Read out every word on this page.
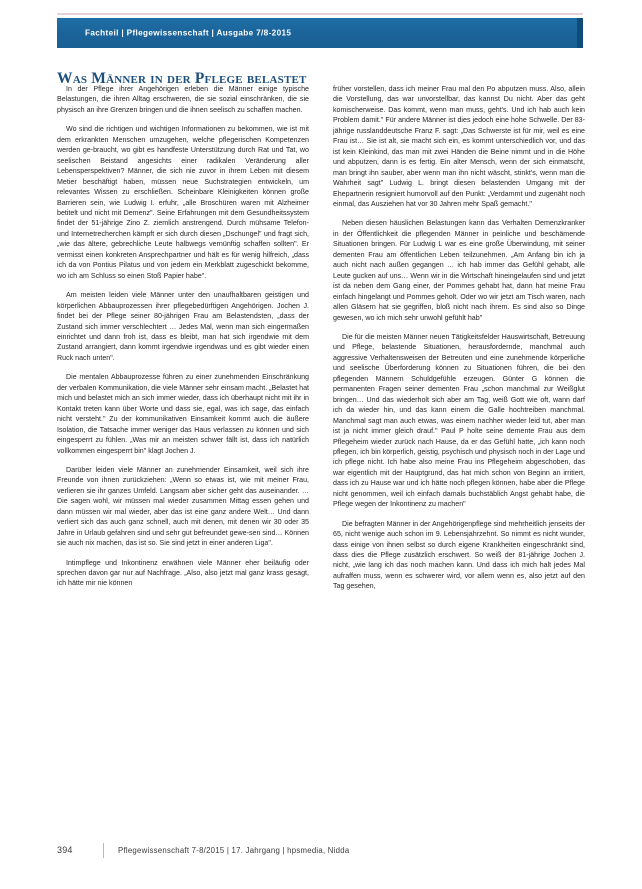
Fachteil | Pflegewissenschaft | Ausgabe 7/8-2015
Was Männer in der Pflege belastet

In der Pflege ihrer Angehörigen erleben die Männer einige typische Belastungen, die ihren Alltag erschweren, die sie sozial einschränken, die sie physisch an ihre Grenzen bringen und die ihnen seelisch zu schaffen machen.

Wo sind die richtigen und wichtigen Informationen zu bekommen, wie ist mit dem erkrankten Menschen umzugehen, welche pflegerischen Kompetenzen werden ge-braucht, wo gibt es handfeste Unterstützung durch Rat und Tat, wo seelischen Beistand angesichts einer radikalen Veränderung aller Lebensperspektiven? Männer, die sich nie zuvor in ihrem Leben mit diesem Metier beschäftigt haben, müssen neue Suchstrategien entwickeln, um relevantes Wissen zu erschließen. Scheinbare Kleinigkeiten können große Barrieren sein, wie Ludwig I. erfuhr, „alle Broschüren waren mit Alzheimer betitelt und nicht mit Demenz". Seine Erfahrungen mit dem Gesundheitssystem findet der 51-jährige Zino Z. ziemlich anstrengend. Durch mühsame Telefon- und Internetrecherchen kämpft er sich durch diesen „Dschungel" und fragt sich, „wie das ältere, gebrechliche Leute halbwegs vernünftig schaffen sollten". Er vermisst einen konkreten Ansprechpartner und hält es für wenig hilfreich, „dass ich da von Pontius Pilatus und von jedem ein Merkblatt zugeschickt bekomme, wo ich am Schluss so einen Stoß Papier habe".

Am meisten leiden viele Männer unter den unaufhaltbaren geistigen und körperlichen Abbauprozessen ihrer pflegebedürftigen Angehörigen. Jochen J. findet bei der Pflege seiner 80-jährigen Frau am Belastendsten, „dass der Zustand sich immer verschlechtert … Jedes Mal, wenn man sich eingermaßen einrichtet und dann froh ist, dass es bleibt, man hat sich irgendwie mit dem Zustand arrangiert, dann kommt irgendwie irgendwas und es gibt wieder einen Ruck nach unten".

Die mentalen Abbauprozesse führen zu einer zunehmenden Einschränkung der verbalen Kommunikation, die viele Männer sehr einsam macht. „Belastet hat mich und belastet mich an sich immer wieder, dass ich überhaupt nicht mit ihr in Kontakt treten kann über Worte und dass sie, egal, was ich sage, das einfach nicht versteht." Zu der kommunikativen Einsamkeit kommt auch die äußere Isolation, die Tatsache immer weniger das Haus verlassen zu können und sich eingesperrt zu fühlen. „Was mir an meisten schwer fällt ist, dass ich natürlich vollkommen eingesperrt bin" klagt Jochen J.

Darüber leiden viele Männer an zunehmender Einsamkeit, weil sich ihre Freunde von ihnen zurückziehen: „Wenn so etwas ist, wie mit meiner Frau, verlieren sie ihr ganzes Umfeld. Langsam aber sicher geht das auseinander. … Die sagen wohl, wir müssen mal wieder zusammen Mittag essen gehen und dann müssen wir mal wieder, aber das ist eine ganz andere Welt… Und dann verliert sich das auch ganz schnell, auch mit denen, mit denen wir 30 oder 35 Jahre in Urlaub gefahren sind und sehr gut befreundet gewe-sen sind… Können sie auch nix machen, das ist so. Sie sind jetzt in einer anderen Liga".

Intimpflege und Inkontinenz erwähnen viele Männer eher beiläufig oder sprechen davon gar nur auf Nachfrage. „Also, also jetzt mal ganz krass gesagt, ich hätte mir nie können

früher vorstellen, dass ich meiner Frau mal den Po abputzen muss. Also, allein die Vorstellung, das war unvorstellbar, das kannst Du nicht. Aber das geht komischerweise. Das kommt, wenn man muss, geht's. Und ich hab auch kein Problem damit." Für andere Männer ist dies jedoch eine hohe Schwelle. Der 83-jährige russlanddeutsche Franz F. sagt: „Das Schwerste ist für mir, weil es eine Frau ist… Sie ist alt, sie macht sich ein, es kommt unterschiedlich vor, und das ist kein Kleinkind, das man mit zwei Händen die Beine nimmt und in die Höhe und abputzen, dann is es fertig. Ein alter Mensch, wenn der sich einmatscht, man bringt ihn sauber, aber wenn man ihn nicht wäscht, stinkt's, wenn man die Wahrheit sagt" Ludwig L. bringt diesen belastenden Umgang mit der Ehepartnerin resigniert humorvoll auf den Punkt: „Verdammt und zugenäht noch einmal, das Ausziehen hat vor 30 Jahren mehr Spaß gemacht."

Neben diesen häuslichen Belastungen kann das Verhalten Demenzkranker in der Öffentlichkeit die pflegenden Männer in peinliche und beschämende Situationen bringen. Für Ludwig L war es eine große Überwindung, mit seiner dementen Frau am öffentlichen Leben teilzunehmen. „Am Anfang bin ich ja auch nicht nach außen gegangen … ich hab immer das Gefühl gehabt, alle Leute gucken auf uns… Wenn wir in die Wirtschaft hineingelaufen sind und jetzt ist da neben dem Gang einer, der Pommes gehabt hat, dann hat meine Frau einfach hingelangt und Pommes geholt. Oder wo wir jetzt am Tisch waren, nach allen Gläsern hat sie gegriffen, bloß nicht nach ihrem. Es sind also so Dinge gewesen, wo ich mich sehr unwohl gefühlt hab"

Die für die meisten Männer neuen Tätigkeitsfelder Hauswirtschaft, Betreuung und Pflege, belastende Situationen, herausfordernde, manchmal auch aggressive Verhaltensweisen der Betreuten und eine zunehmende körperliche und seelische Überforderung können zu Situationen führen, die bei den pflegenden Männern Schuldgefühle erzeugen. Günter G können die permanenten Fragen seiner dementen Frau „schon manchmal zur Weißglut bringen… Und das wiederholt sich aber am Tag, weiß Gott wie oft, wann darf ich da wieder hin, und das kann einem die Galle hochtreiben manchmal. Manchmal sagt man auch etwas, was einem nachher wieder leid tut, aber man ist ja nicht immer gleich drauf." Paul P holte seine demente Frau aus dem Pflegeheim wieder zurück nach Hause, da er das Gefühl hatte, „ich kann noch pflegen, ich bin körperlich, geistig, psychisch und physisch noch in der Lage und ich pflege nicht. Ich habe also meine Frau ins Pflegeheim abgeschoben, das war eigentlich mit der Hauptgrund, das hat mich schon von Beginn an irritiert, dass ich zu Hause war und ich hätte noch pflegen können, habe aber die Pflege nicht genommen, weil ich einfach damals buchstäblich Angst gehabt habe, die Pflege wegen der Inkontinenz zu machen"

Die befragten Männer in der Angehörigenpflege sind mehrheitlich jenseits der 65, nicht wenige auch schon im 9. Lebensjahrzehnt. So nimmt es nicht wunder, dass einige von ihnen selbst so durch eigene Krankheiten eingeschränkt sind, dass dies die Pflege zusätzlich erschwert. So weiß der 81-jährige Jochen J. nicht, „wie lang ich das noch machen kann. Und dass ich mich halt jedes Mal aufraffen muss, wenn es schwerer wird, vor allem wenn es, also jetzt auf den Tag gesehen,

394	Pflegewissenschaft 7-8/2015 | 17. Jahrgang | hpsmedia, Nidda
